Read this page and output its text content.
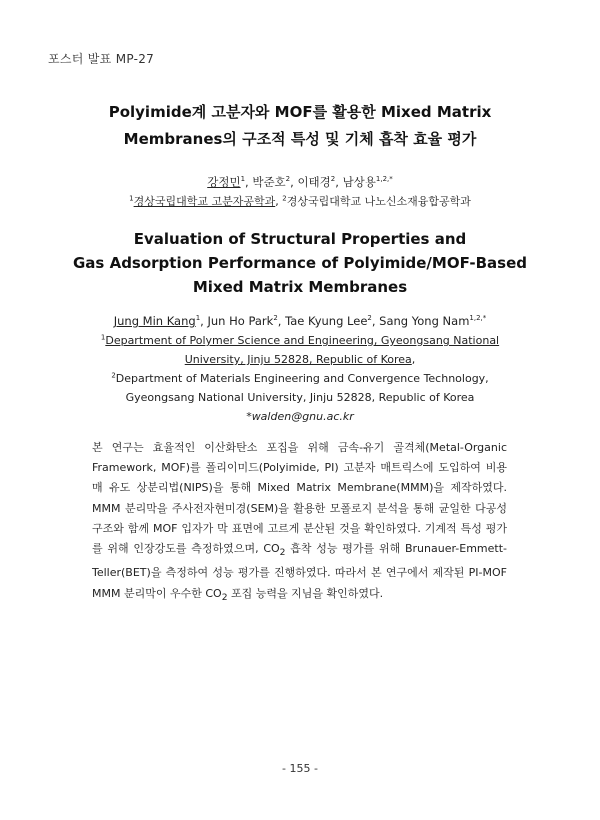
포스터 발표 MP-27
Polyimide계 고분자와 MOF를 활용한 Mixed Matrix
Membranes의 구조적 특성 및 기체 흡착 효율 평가
강정민$^1$, 박준호$^2$, 이태경$^2$, 남상용$^{1,2,*}$
$^1$경상국립대학교 고분자공학과, $^2$경상국립대학교 나노신소재융합공학과
Evaluation of Structural Properties and
Gas Adsorption Performance of Polyimide/MOF-Based
Mixed Matrix Membranes
Jung Min Kang$^1$, Jun Ho Park$^2$, Tae Kyung Lee$^2$, Sang Yong Nam$^{1,2,*}$
$^1$Department of Polymer Science and Engineering, Gyeongsang National
University, Jinju 52828, Republic of Korea,
$^2$Department of Materials Engineering and Convergence Technology,
Gyeongsang National University, Jinju 52828, Republic of Korea
*walden@gnu.ac.kr

본 연구는 효율적인 이산화탄소 포집을 위해 금속-유기 골격체(Metal-Organic Framework, MOF)를 폴리이미드(Polyimide, PI) 고분자 매트릭스에 도입하여 비용매 유도 상분리법(NIPS)을 통해 Mixed Matrix Membrane(MMM)을 제작하였다. MMM 분리막을 주사전자현미경(SEM)을 활용한 모폴로지 분석을 통해 균일한 다공성 구조와 함께 MOF 입자가 막 표면에 고르게 분산된 것을 확인하였다. 기계적 특성 평가를 위해 인장강도를 측정하였으며, $CO_2$ 흡착 성능 평가를 위해 Brunauer-Emmett-Teller(BET)을 측정하여 성능 평가를 진행하였다. 따라서 본 연구에서 제작된 PI-MOF MMM 분리막이 우수한 $CO_2$ 포집 능력을 지님을 확인하였다.

- 155 -
